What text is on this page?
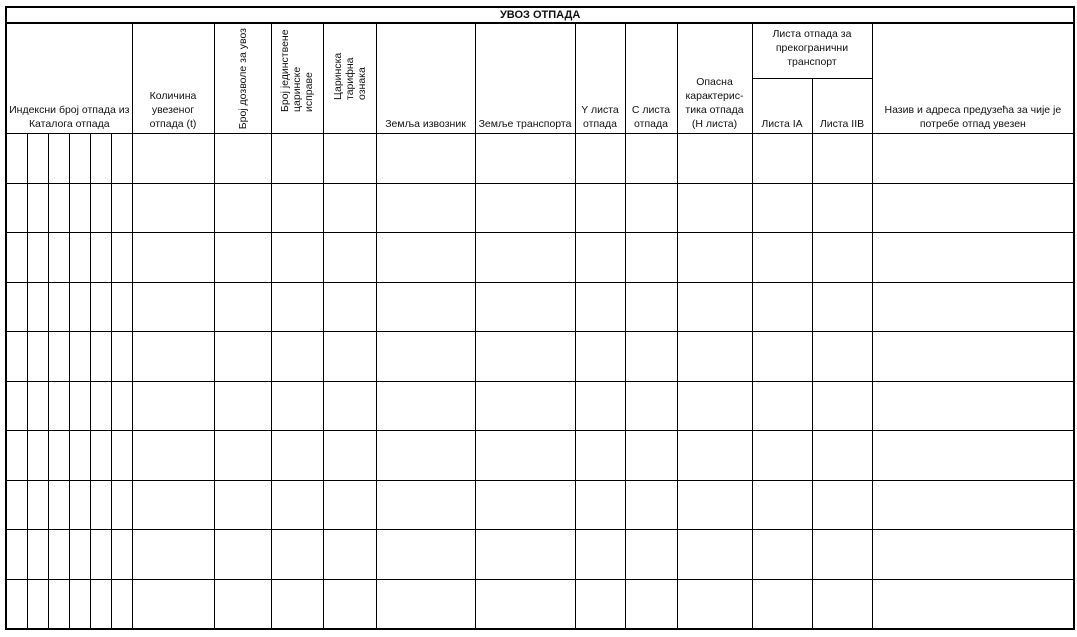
УВОЗ ОТПАДА																	
Индексни број отпада из Каталога отпада						Количина увезеног отпада (t)	Број дозволе за увоз	Број јединствене царинске исправе	Царинска тарифна ознака	Земља извозник	Земље транспорта	Y листа отпада	C листа отпада	Опасна карактерис-тика отпада (H листа)	Листа отпада за прекогранични транспорт		Назив и адреса предузећа за чије је потребе отпад увезен

															Листа IA	Листа IIB	
